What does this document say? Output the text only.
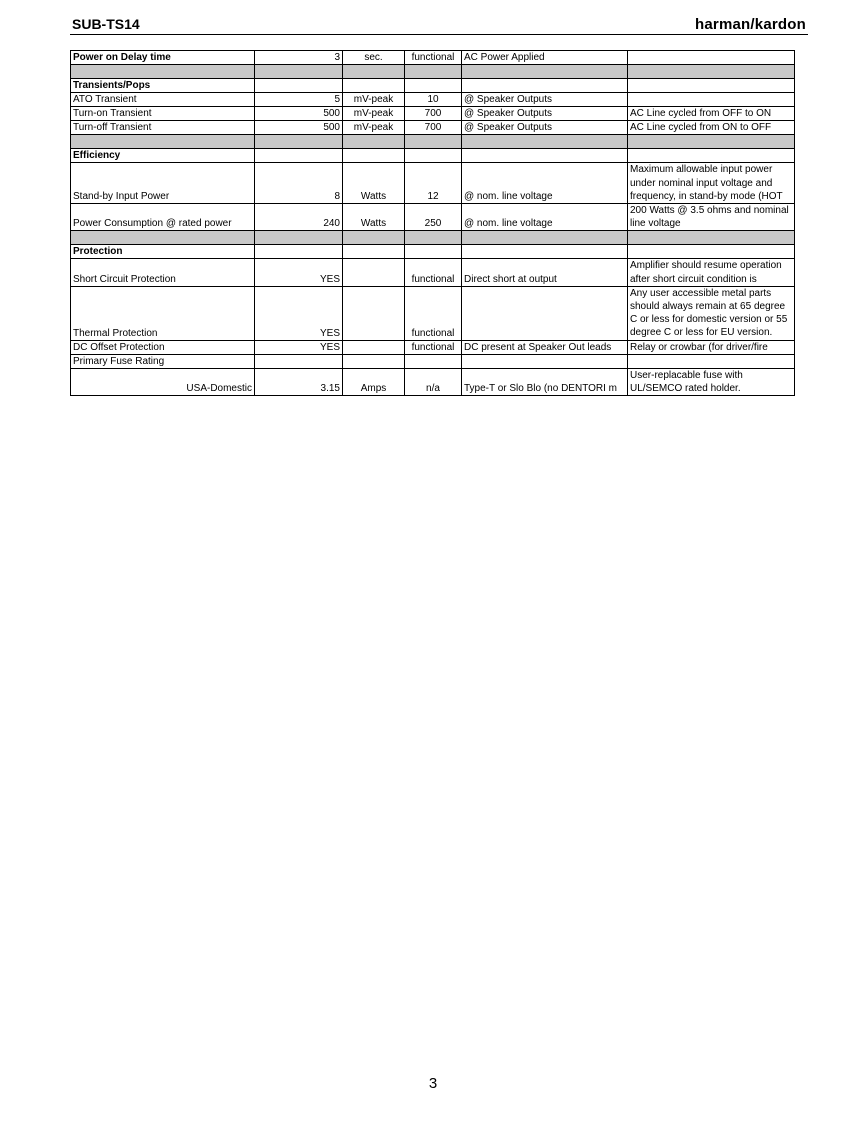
SUB-TS14	harman/kardon
Power on Delay time	3	sec.	functional	AC Power Applied	

Transients/Pops					
ATO Transient	5	mV-peak	10	@ Speaker Outputs	
Turn-on Transient	500	mV-peak	700	@ Speaker Outputs	AC Line cycled from OFF to ON
Turn-off Transient	500	mV-peak	700	@ Speaker Outputs	AC Line cycled from ON to OFF

Efficiency					
Stand-by Input Power	8	Watts	12	@ nom. line voltage	Maximum allowable input power under nominal input voltage and frequency, in stand-by mode (HOT
Power Consumption @ rated power	240	Watts	250	@ nom. line voltage	200 Watts @ 3.5 ohms and nominal line voltage

Protection					
Short Circuit Protection	YES		functional	Direct short at output	Amplifier should resume operation after short circuit condition is
Thermal Protection	YES		functional		Any user accessible metal parts should always remain at 65 degree C or less for domestic version or 55 degree C or less for EU version.
DC Offset Protection	YES		functional	DC present at Speaker Out leads	Relay or crowbar (for driver/fire
Primary Fuse Rating					
USA-Domestic	3.15	Amps	n/a	Type-T or Slo Blo (no DENTORI m	User-replacable fuse with UL/SEMCO rated holder.
3
